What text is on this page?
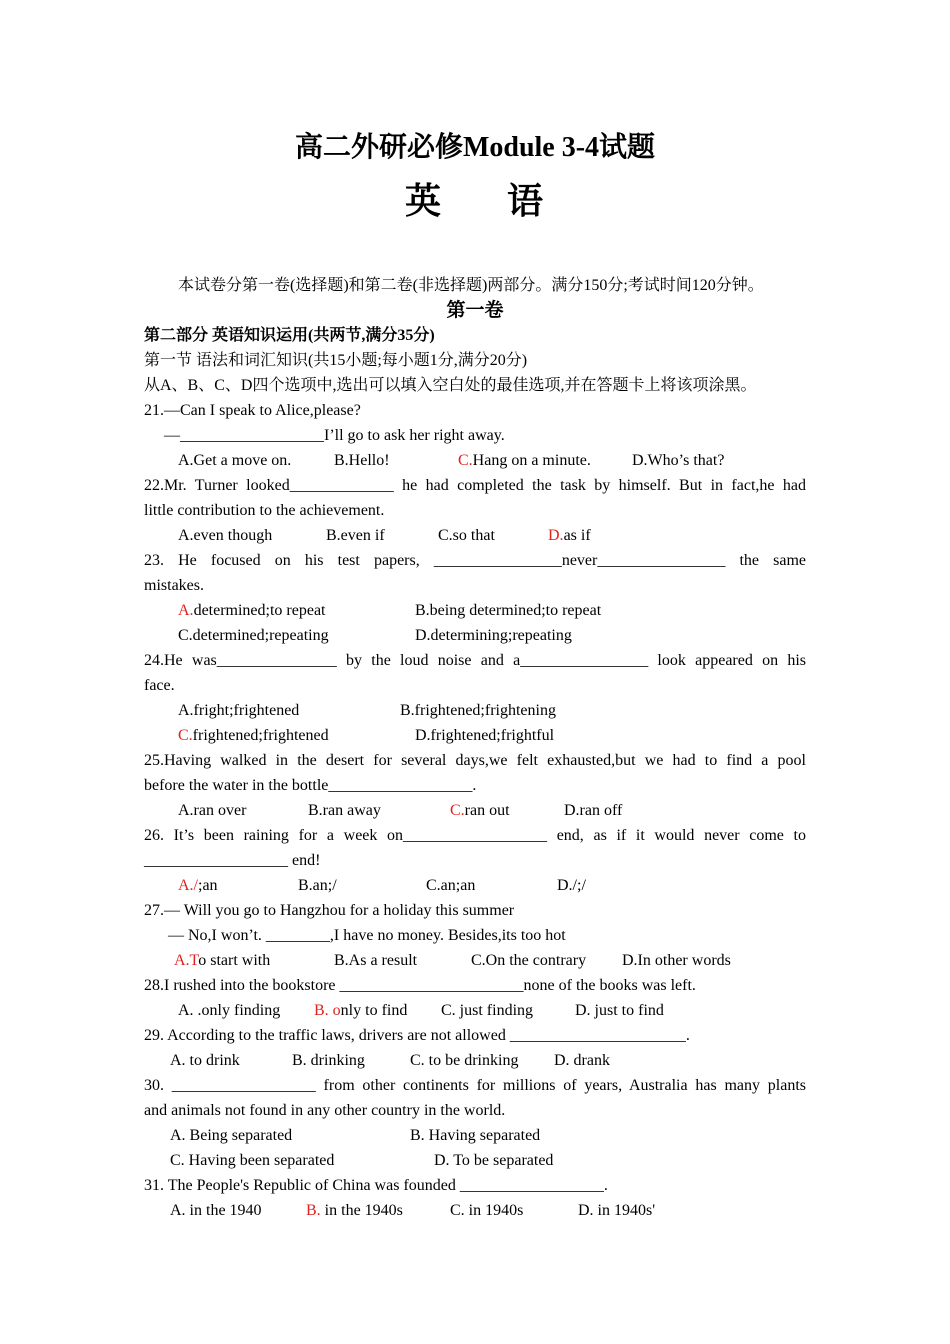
高二外研必修Module 3-4试题
英 语
本试卷分第一卷(选择题)和第二卷(非选择题)两部分。满分150分;考试时间120分钟。
第一卷
第二部分 英语知识运用(共两节,满分35分)
第一节 语法和词汇知识(共15小题;每小题1分,满分20分)
从A、B、C、D四个选项中,选出可以填入空白处的最佳选项,并在答题卡上将该项涂黑。
21.—Can I speak to Alice,please?
—__________________I’ll go to ask her right away.
A.Get a move on.	B.Hello!	C.Hang on a minute.	D.Who’s that?
22.Mr. Turner looked_____________ he had completed the task by himself. But in fact,he had
little contribution to the achievement.
A.even though	B.even if	C.so that	D.as if
23. He focused on his test papers, ________________never________________ the same
mistakes.
A.determined;to repeat	B.being determined;to repeat
C.determined;repeating	D.determining;repeating
24.He was_______________ by the loud noise and a________________ look appeared on his
face.
A.fright;frightened	B.frightened;frightening
C.frightened;frightened	D.frightened;frightful
25.Having walked in the desert for several days,we felt exhausted,but we had to find a pool
before the water in the bottle__________________.
A.ran over	B.ran away	C.ran out	D.ran off
26. It’s been raining for a week on__________________ end, as if it would never come to
__________________ end!
A./;an	B.an;/	C.an;an	D./;/
27.— Will you go to Hangzhou for a holiday this summer
— No,I won’t. ________,I have no money. Besides,its too hot
A.To start with	B.As a result	C.On the contrary D.In other words
28.I rushed into the bookstore _______________________none of the books was left.
A. .only finding B. only to find C. just finding	D. just to find
29. According to the traffic laws, drivers are not allowed ______________________.
A. to drink	B. drinking	C. to be drinking D. drank
30. __________________ from other continents for millions of years, Australia has many plants
and animals not found in any other country in the world.
A. Being separated	B. Having separated
C. Having been separated	D. To be separated
31. The People's Republic of China was founded __________________.
A. in the 1940	B. in the 1940s	C. in 1940s	D. in 1940s'
